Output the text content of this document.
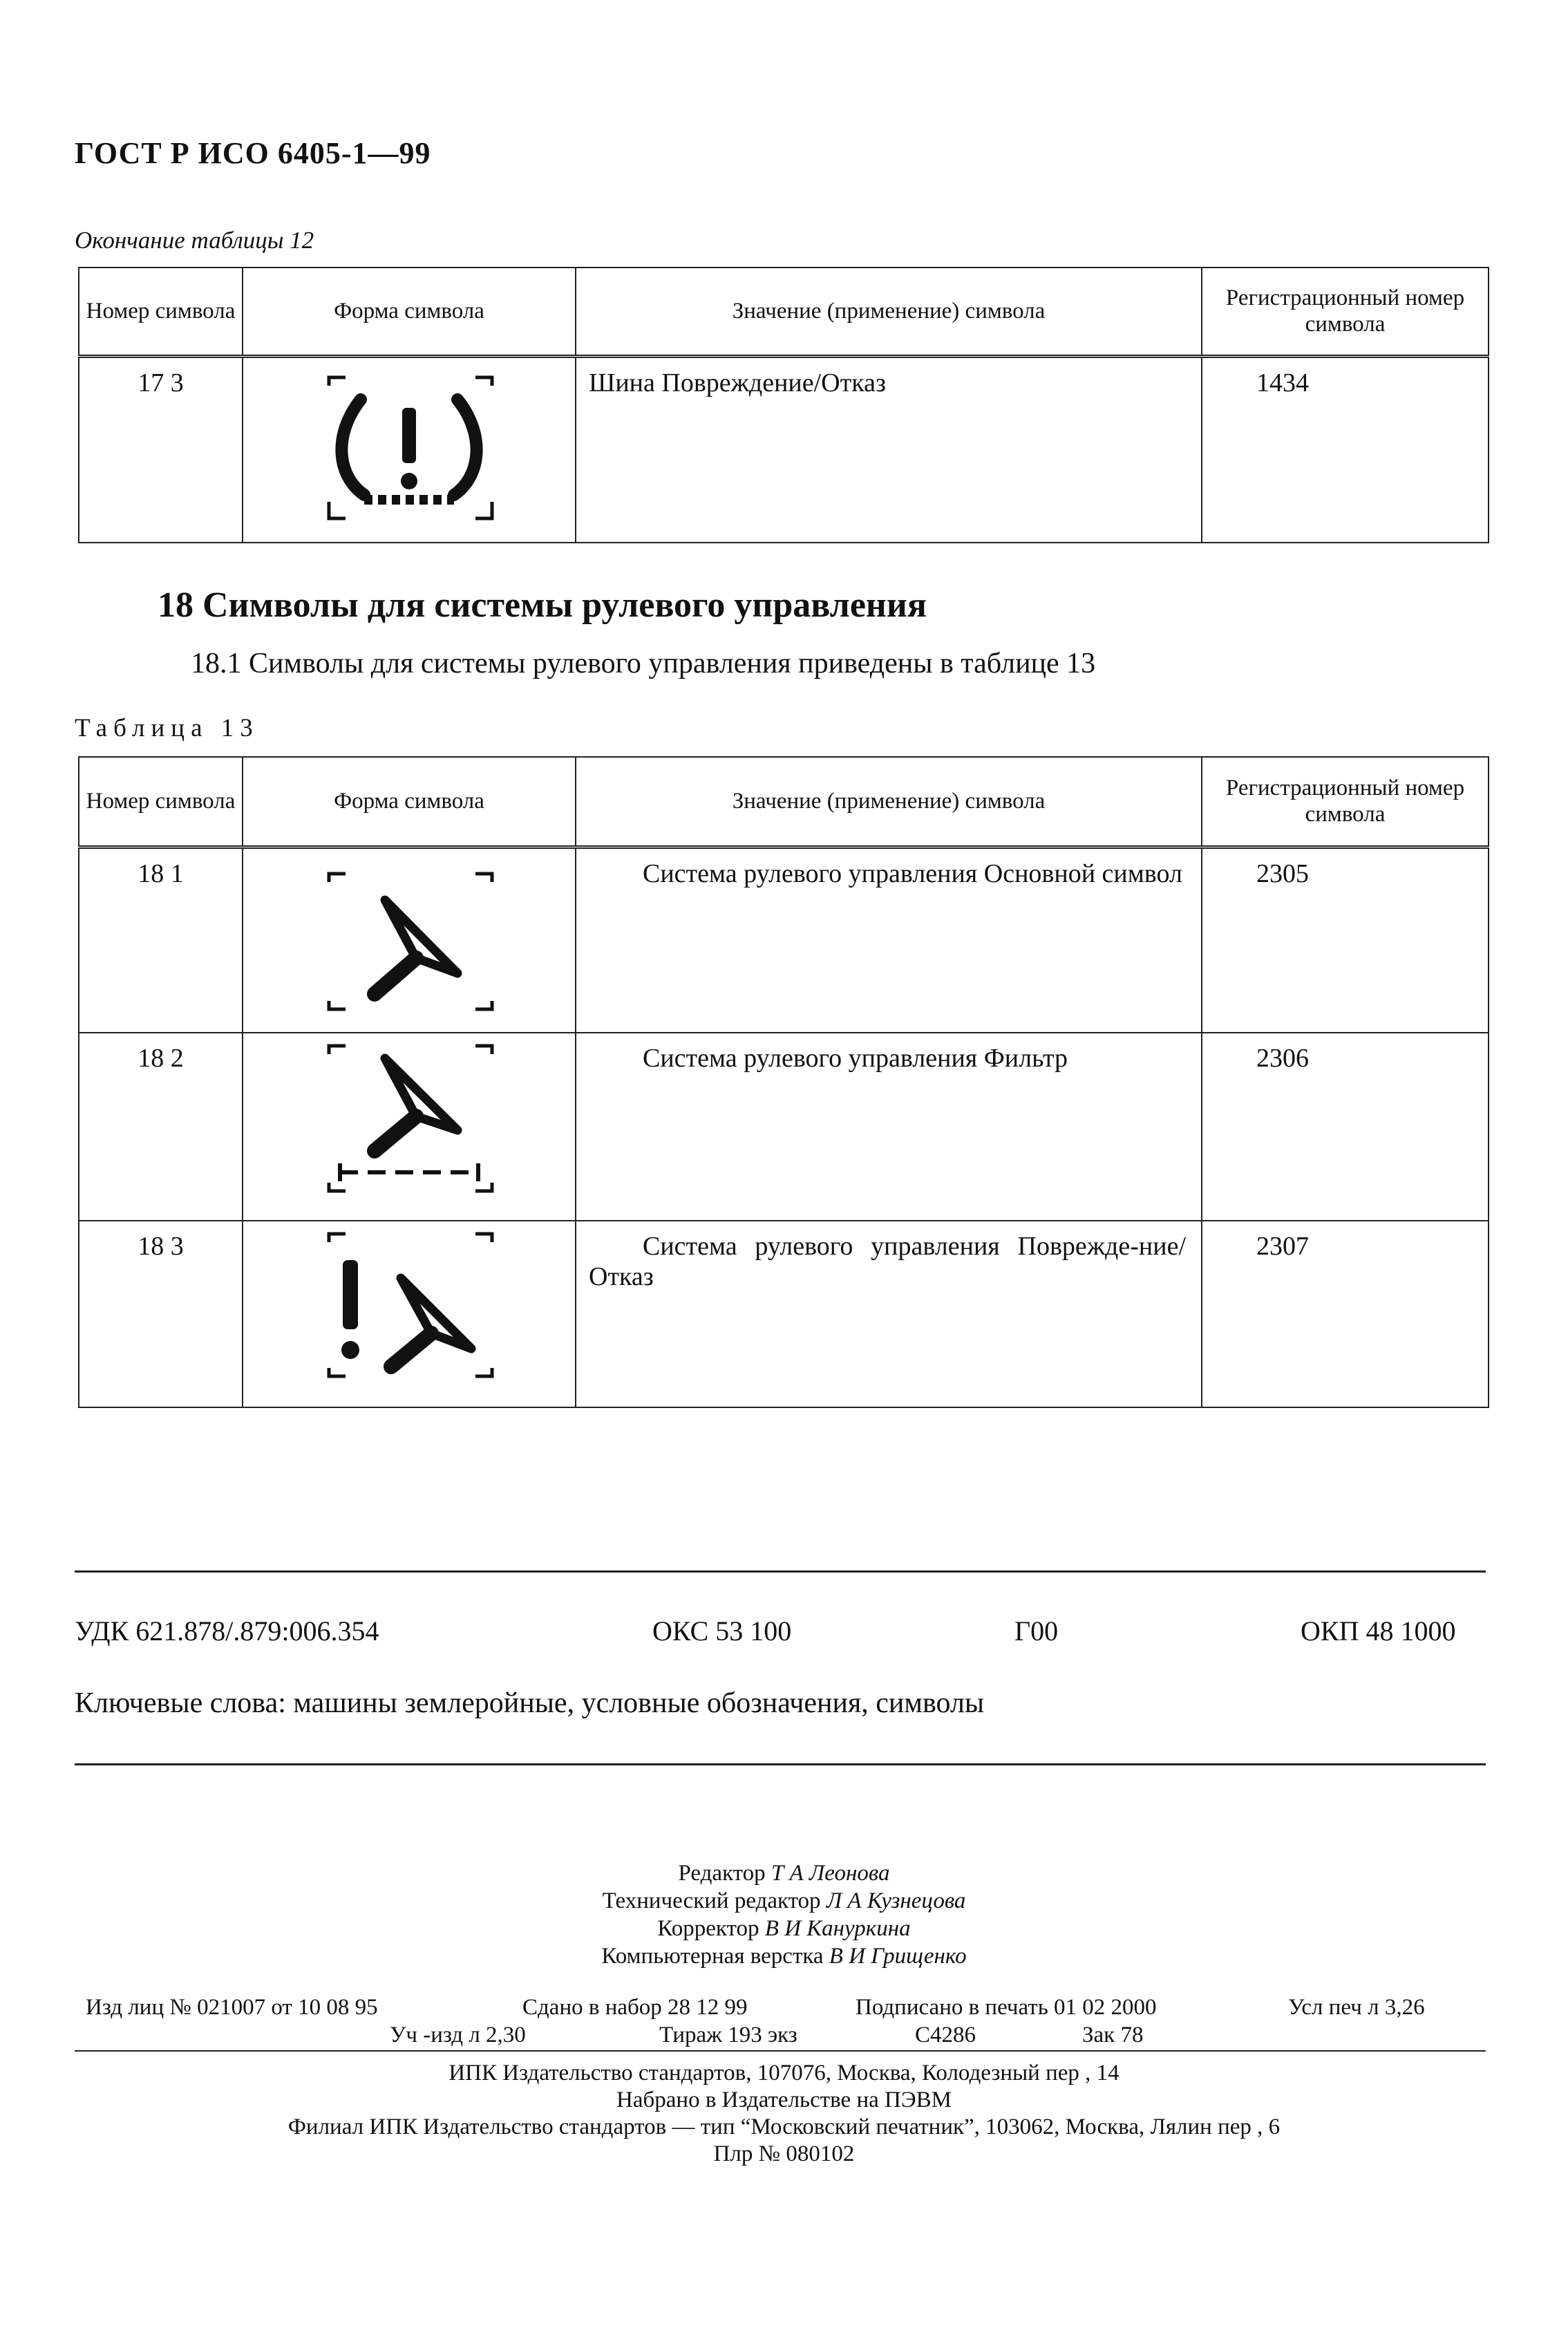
ГОСТ Р ИСО 6405-1—99
Окончание таблицы 12
Номер символа	Форма символа	Значение (применение) символа	Регистрационный номер символа
17 3		Шина Повреждение/Отказ	1434
18 Символы для системы рулевого управления
18.1 Символы для системы рулевого управления приведены в таблице 13
Таблица 13
Номер символа	Форма символа	Значение (применение) символа	Регистрационный номер символа
18 1		Система рулевого управления Основной символ	2305
18 2		Система рулевого управления Фильтр	2306
18 3		Система рулевого управления Поврежде-ние/Отказ	2307
УДК 621.878/.879:006.354	ОКС 53 100	Г00	ОКП 48 1000
Ключевые слова: машины землеройные, условные обозначения, символы
Редактор Т А Леонова
Технический редактор Л А Кузнецова
Корректор В И Кануркина
Компьютерная верстка В И Грищенко
Изд лиц № 021007 от 10 08 95	Сдано в набор 28 12 99	Подписано в печать 01 02 2000	Усл печ л 3,26
Уч -изд л 2,30	Тираж 193 экз	С4286	Зак 78
ИПК Издательство стандартов, 107076, Москва, Колодезный пер , 14
Набрано в Издательстве на ПЭВМ
Филиал ИПК Издательство стандартов — тип “Московский печатник”, 103062, Москва, Лялин пер , 6
Плр № 080102
